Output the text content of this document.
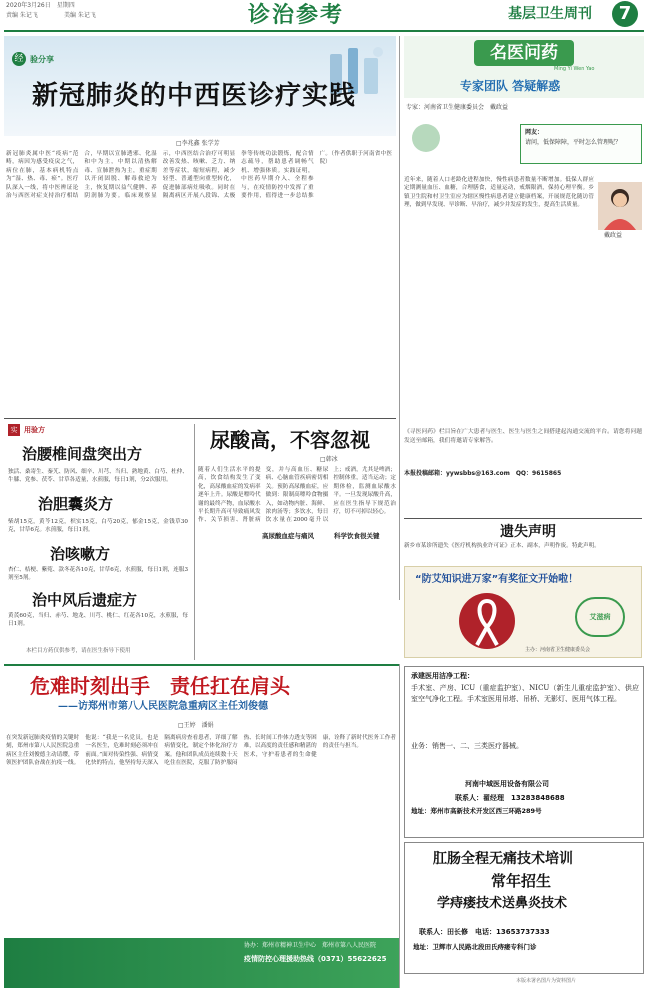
2020年3月26日　星期四
责编 朱记飞	美编 朱记飞	诊治参考	基层卫生周刊	7
经 验分享
新冠肺炎的中西医诊疗实践
□李兆鑫 张学芳
新冠肺炎属中医“疫病”范畴，病因为感受疫戾之气，病位在肺，基本病机特点为“湿、热、毒、瘀”。医疗队深入一线，将中医辨证论治与西医对症支持治疗相结合，早期以宣肺透邪、化湿和中为主，中期以清热解毒、宣肺泄热为主，重症期以开闭固脱、解毒救逆为主，恢复期以益气健脾、养阴润肺为要。临床观察显示，中西医结合治疗可明显改善发热、咳嗽、乏力、纳差等症状，缩短病程，减少轻型、普通型向重型转化，促进肺部病灶吸收。同时在隔离病区开展八段锦、太极拳等传统功法锻炼，配合情志疏导，帮助患者调畅气机、增强体质。实践证明，中医药早期介入、全程参与，在疫情防控中发挥了重要作用，值得进一步总结推广。（作者供职于河南省中医院）
名医问药
Ming Yi Wen Yao
专家团队 答疑解惑
专家：河南省卫生健康委员会　戴政益
网友：
请问，低保障障，平时怎么管理呢？
戴政益
近年来，随着人口老龄化进程加快，慢性病患者数量不断增加。低保人群应定期测量血压、血糖，合理膳食，适量运动，戒烟限酒，保持心理平衡。乡镇卫生院和村卫生室应为辖区慢性病患者建立健康档案，开展规范化随访管理，做到早发现、早诊断、早治疗，减少并发症的发生，提高生活质量。
《寻医问药》栏目旨在广大患者与医生、医生与医生之间搭建起沟通交流的平台。请您将问题发送至邮箱，我们将邀请专家解答。
本报投稿邮箱：yywsbbs@163.com　QQ：9615865
实 用验方
治腰椎间盘突出方
独活、桑寄生、秦艽、防风、细辛、川芎、当归、熟地黄、白芍、杜仲、牛膝、党参、茯苓、甘草各适量，水煎服，每日1剂，分2次服用。
治胆囊炎方
柴胡15克，黄芩12克，枳实15克，白芍20克，郁金15克，金钱草30克，甘草6克。水煎服，每日1剂。
治咳嗽方
杏仁、桔梗、紫菀、款冬花各10克，甘草6克，水煎服，每日1剂，连服3剂至5剂。
治中风后遗症方
黄芪60克，当归、赤芍、地龙、川芎、桃仁、红花各10克，水煎服，每日1剂。
本栏目方药仅供参考，请在医生指导下使用
尿酸高，不容忽视
□韩冰
随着人们生活水平的提高，饮食结构发生了变化，高尿酸血症的发病率逐年上升。尿酸是嘌呤代谢的最终产物，血尿酸水平长期升高可导致痛风发作、关节损害、肾脏病变，并与高血压、糖尿病、心脑血管疾病密切相关。预防高尿酸血症，应做到：限制高嘌呤食物摄入，如动物内脏、海鲜、浓肉汤等；多饮水，每日饮水量在2000毫升以上；戒酒，尤其是啤酒；控制体重，适当运动；定期体检，监测血尿酸水平。一旦发现尿酸升高，应在医生指导下规范治疗，切不可掉以轻心。
高尿酸血症与痛风	科学饮食很关键	遗失声明
新乡市某诊所遗失《医疗机构执业许可证》正本、副本，声明作废。特此声明。
“防艾知识进万家”有奖征文开始啦！
艾滋病
主办：河南省卫生健康委员会
危难时刻出手　责任扛在肩头
——访郑州市第八人民医院急重病区主任刘俊德
□王婷　潘娟
在突发新冠肺炎疫情的关键时刻，郑州市第八人民医院急重病区主任刘俊德主动请缨，带领医护团队奋战在抗疫一线。他说：“我是一名党员，也是一名医生，危难时刻必须冲在前面。”面对传染性强、病情变化快的特点，他坚持每天深入隔离病房查看患者，详细了解病情变化，制定个体化治疗方案。他和团队成员连续数十天吃住在医院，克服了防护服闷热、长时间工作体力透支等困难，以高度的责任感和精湛的医术，守护着患者的生命健康，诠释了新时代医务工作者的责任与担当。
协办：郑州市精神卫生中心　郑州市第八人民医院
疫情防控心理援助热线（0371）55622625
承建医用洁净工程：
手术室、产房、ICU（重症监护室）、NICU（新生儿重症监护室）、供应室空气净化工程。手术室医用吊塔、吊桥、无影灯、医用气体工程。
业务：销售一、二、三类医疗器械。
河南中域医用设备有限公司
联系人：翟经理　13283848688
地址：郑州市高新技术开发区西三环路289号
肛肠全程无痛技术培训
常年招生
学痔瘘技术送鼻炎技术
联系人：田长修　电话：13653737333
地址：卫辉市人民路北段田氏痔瘘专科门诊
本版未署名图片为资料图片
